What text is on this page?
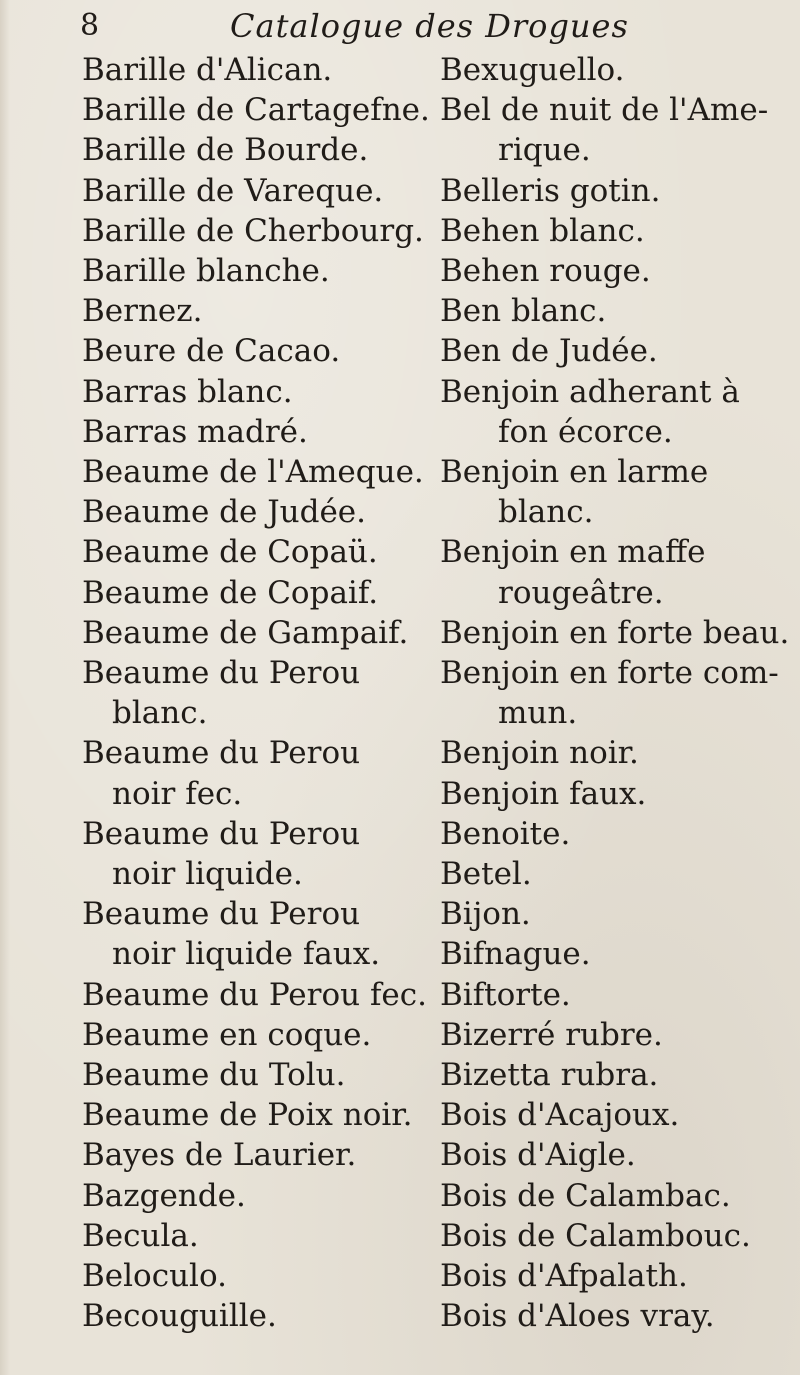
8	Catalogue des Drogues
Barille d'Alican.
Barille de Cartagefne.
Barille de Bourde.
Barille de Vareque.
Barille de Cherbourg.
Barille blanche.
Bernez.
Beure de Cacao.
Barras blanc.
Barras madré.
Beaume de l'Ameque.
Beaume de Judée.
Beaume de Copaü.
Beaume de Copaif.
Beaume de Gampaif.
Beaume du Perou
blanc.
Beaume du Perou
noir fec.
Beaume du Perou
noir liquide.
Beaume du Perou
noir liquide faux.
Beaume du Perou fec.
Beaume en coque.
Beaume du Tolu.
Beaume de Poix noir.
Bayes de Laurier.
Bazgende.
Becula.
Beloculo.
Becouguille.
Bexuguello.
Bel de nuit de l'Ame-
rique.
Belleris gotin.
Behen blanc.
Behen rouge.
Ben blanc.
Ben de Judée.
Benjoin adherant à
fon écorce.
Benjoin en larme
blanc.
Benjoin en maffe
rougeâtre.
Benjoin en forte beau.
Benjoin en forte com-
mun.
Benjoin noir.
Benjoin faux.
Benoite.
Betel.
Bijon.
Bifnague.
Biftorte.
Bizerré rubre.
Bizetta rubra.
Bois d'Acajoux.
Bois d'Aigle.
Bois de Calambac.
Bois de Calambouc.
Bois d'Afpalath.
Bois d'Aloes vray.
